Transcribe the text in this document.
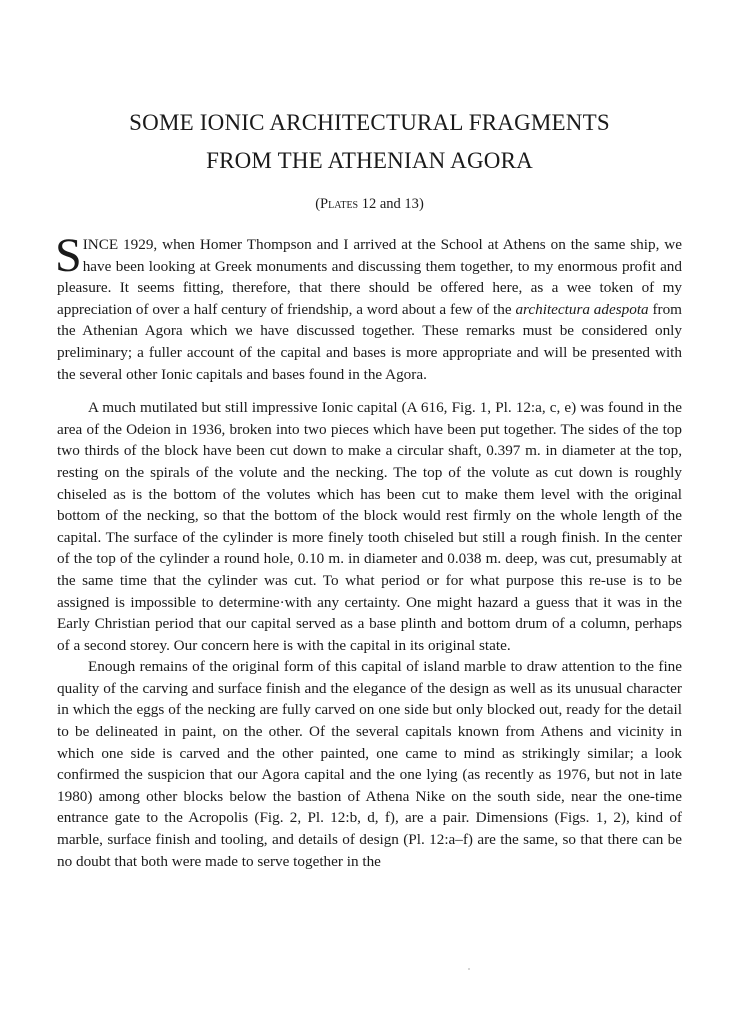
SOME IONIC ARCHITECTURAL FRAGMENTS
FROM THE ATHENIAN AGORA
(Plates 12 and 13)

SINCE 1929, when Homer Thompson and I arrived at the School at Athens on the same ship, we have been looking at Greek monuments and discussing them together, to my enormous profit and pleasure. It seems fitting, therefore, that there should be offered here, as a wee token of my appreciation of over a half century of friendship, a word about a few of the architectura adespota from the Athenian Agora which we have discussed together. These remarks must be considered only preliminary; a fuller account of the capital and bases is more appropriate and will be presented with the several other Ionic capitals and bases found in the Agora.

A much mutilated but still impressive Ionic capital (A 616, Fig. 1, Pl. 12:a, c, e) was found in the area of the Odeion in 1936, broken into two pieces which have been put together. The sides of the top two thirds of the block have been cut down to make a circular shaft, 0.397 m. in diameter at the top, resting on the spirals of the volute and the necking. The top of the volute as cut down is roughly chiseled as is the bottom of the volutes which has been cut to make them level with the original bottom of the necking, so that the bottom of the block would rest firmly on the whole length of the capital. The surface of the cylinder is more finely tooth chiseled but still a rough finish. In the center of the top of the cylinder a round hole, 0.10 m. in diameter and 0.038 m. deep, was cut, presumably at the same time that the cylinder was cut. To what period or for what purpose this re-use is to be assigned is impossible to determine·with any certainty. One might hazard a guess that it was in the Early Christian period that our capital served as a base plinth and bottom drum of a column, perhaps of a second storey. Our concern here is with the capital in its original state.

Enough remains of the original form of this capital of island marble to draw attention to the fine quality of the carving and surface finish and the elegance of the design as well as its unusual character in which the eggs of the necking are fully carved on one side but only blocked out, ready for the detail to be delineated in paint, on the other. Of the several capitals known from Athens and vicinity in which one side is carved and the other painted, one came to mind as strikingly similar; a look confirmed the suspicion that our Agora capital and the one lying (as recently as 1976, but not in late 1980) among other blocks below the bastion of Athena Nike on the south side, near the one-time entrance gate to the Acropolis (Fig. 2, Pl. 12:b, d, f), are a pair. Dimensions (Figs. 1, 2), kind of marble, surface finish and tooling, and details of design (Pl. 12:a–f) are the same, so that there can be no doubt that both were made to serve together in the
